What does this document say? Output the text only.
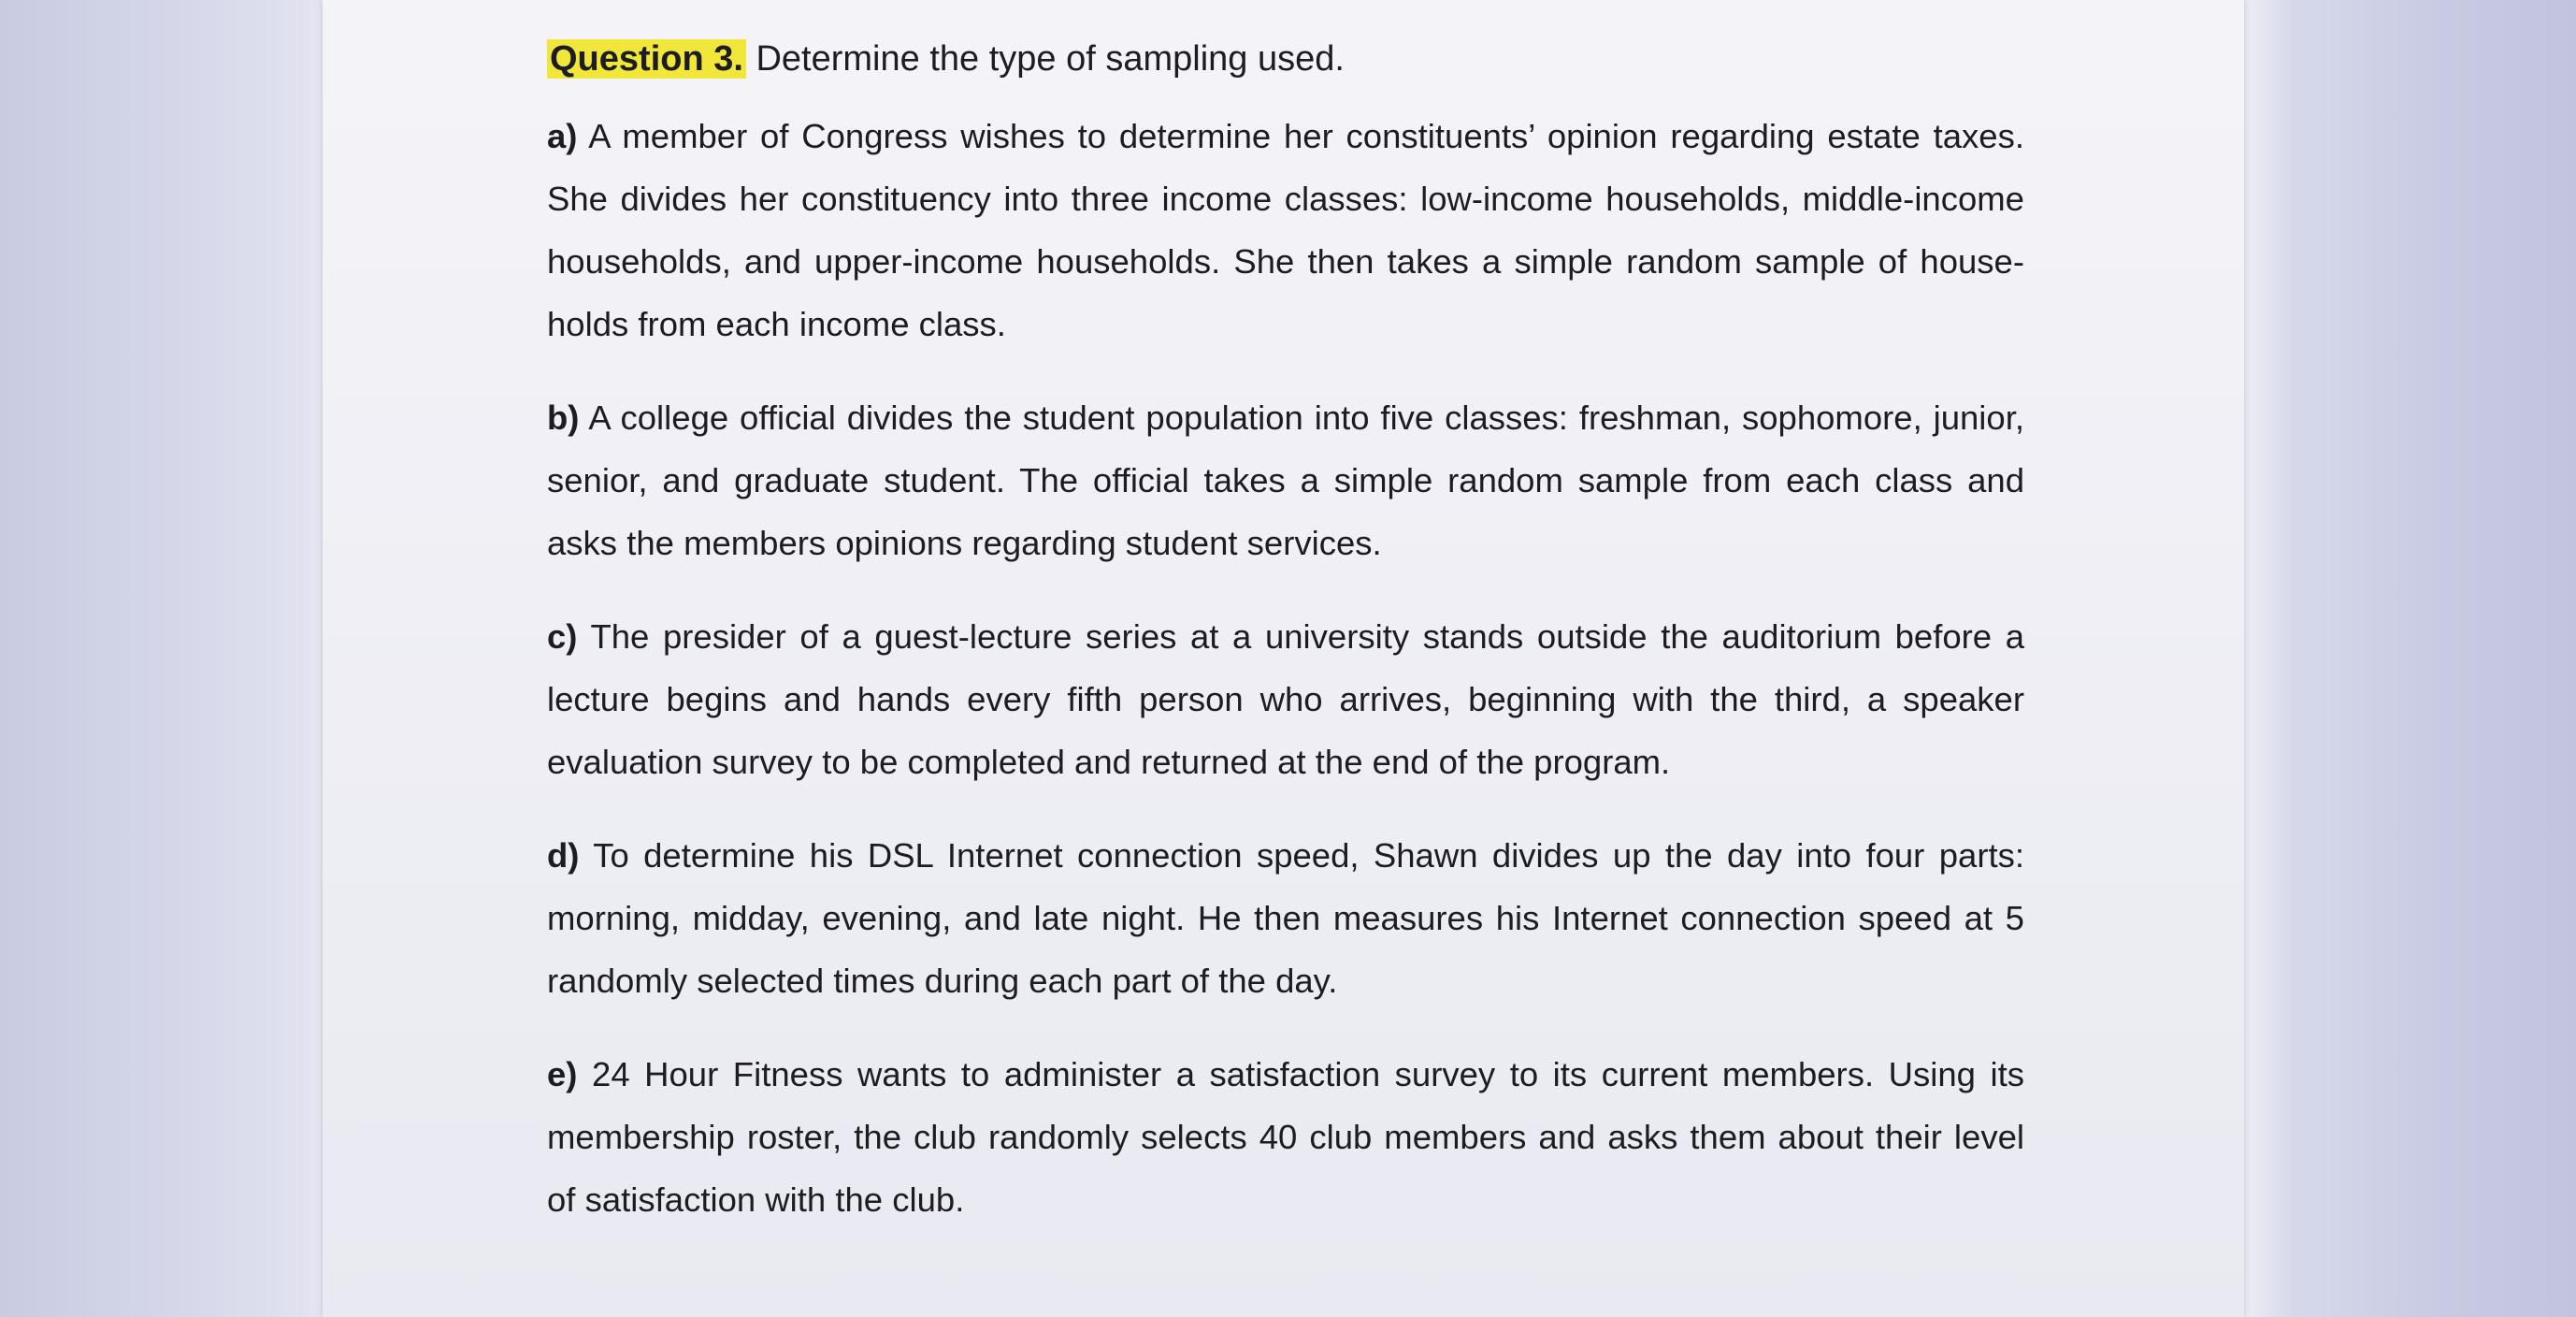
Question 3. Determine the type of sampling used.

a) A member of Congress wishes to determine her constituents’ opinion regarding estate taxes. She divides her constituency into three income classes: low-income households, middle-income households, and upper-income households. She then takes a simple random sample of house- holds from each income class.

b) A college official divides the student population into five classes: freshman, sophomore, junior, senior, and graduate student. The official takes a simple random sample from each class and asks the members opinions regarding student services.

c) The presider of a guest-lecture series at a university stands outside the auditorium before a lecture begins and hands every fifth person who arrives, beginning with the third, a speaker evaluation survey to be completed and returned at the end of the program.

d) To determine his DSL Internet connection speed, Shawn divides up the day into four parts: morning, midday, evening, and late night. He then measures his Internet connection speed at 5 randomly selected times during each part of the day.

e) 24 Hour Fitness wants to administer a satisfaction survey to its current members. Using its membership roster, the club randomly selects 40 club members and asks them about their level of satisfaction with the club.
